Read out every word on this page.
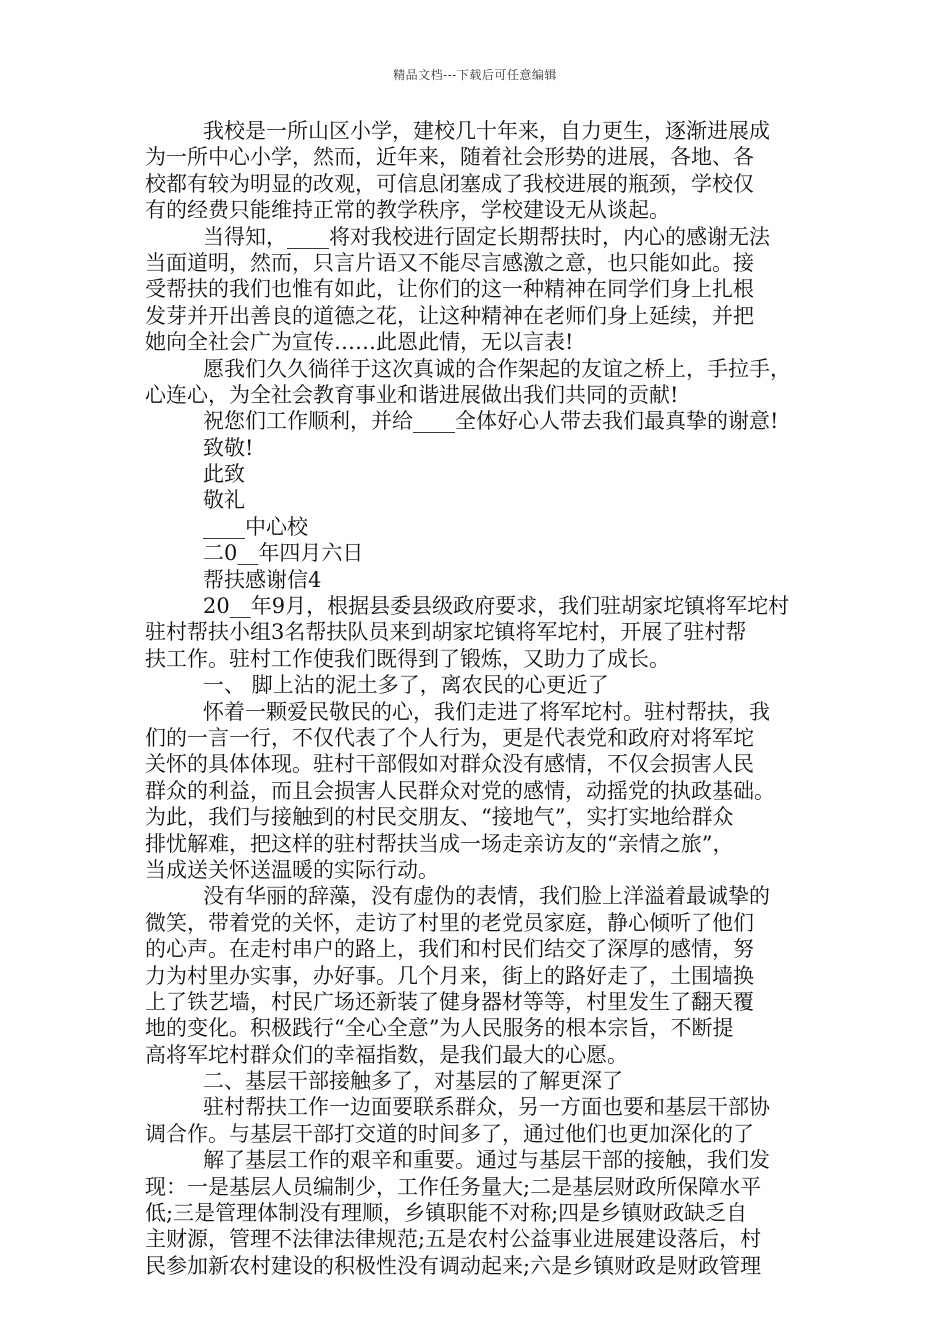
精品文档---下载后可任意编辑
我校是一所山区小学，建校几十年来，自力更生，逐渐进展成
为一所中心小学，然而，近年来，随着社会形势的进展，各地、各
校都有较为明显的改观，可信息闭塞成了我校进展的瓶颈，学校仅
有的经费只能维持正常的教学秩序，学校建设无从谈起。
当得知，____将对我校进行固定长期帮扶时，内心的感谢无法
当面道明，然而，只言片语又不能尽言感激之意，也只能如此。接
受帮扶的我们也惟有如此，让你们的这一种精神在同学们身上扎根
发芽并开出善良的道德之花，让这种精神在老师们身上延续，并把
她向全社会广为宣传……此恩此情，无以言表!
愿我们久久徜徉于这次真诚的合作架起的友谊之桥上，手拉手，
心连心，为全社会教育事业和谐进展做出我们共同的贡献!
祝您们工作顺利，并给____全体好心人带去我们最真挚的谢意!
致敬!
此致
敬礼
____中心校
二0__年四月六日
帮扶感谢信4
20__年9月，根据县委县级政府要求，我们驻胡家坨镇将军坨村
驻村帮扶小组3名帮扶队员来到胡家坨镇将军坨村，开展了驻村帮
扶工作。驻村工作使我们既得到了锻炼，又助力了成长。
一、 脚上沾的泥土多了，离农民的心更近了
怀着一颗爱民敬民的心，我们走进了将军坨村。驻村帮扶，我
们的一言一行，不仅代表了个人行为，更是代表党和政府对将军坨
关怀的具体体现。驻村干部假如对群众没有感情，不仅会损害人民
群众的利益，而且会损害人民群众对党的感情，动摇党的执政基础。
为此，我们与接触到的村民交朋友、“接地气”，实打实地给群众
排忧解难，把这样的驻村帮扶当成一场走亲访友的“亲情之旅”，
当成送关怀送温暖的实际行动。
没有华丽的辞藻，没有虚伪的表情，我们脸上洋溢着最诚挚的
微笑，带着党的关怀，走访了村里的老党员家庭，静心倾听了他们
的心声。在走村串户的路上，我们和村民们结交了深厚的感情，努
力为村里办实事，办好事。几个月来，街上的路好走了，土围墙换
上了铁艺墙，村民广场还新装了健身器材等等，村里发生了翻天覆
地的变化。积极践行“全心全意”为人民服务的根本宗旨，不断提
高将军坨村群众们的幸福指数，是我们最大的心愿。
二、基层干部接触多了，对基层的了解更深了
驻村帮扶工作一边面要联系群众，另一方面也要和基层干部协
调合作。与基层干部打交道的时间多了，通过他们也更加深化的了
解了基层工作的艰辛和重要。通过与基层干部的接触，我们发
现：一是基层人员编制少，工作任务量大;二是基层财政所保障水平
低;三是管理体制没有理顺，乡镇职能不对称;四是乡镇财政缺乏自
主财源，管理不法律法律规范;五是农村公益事业进展建设落后，村
民参加新农村建设的积极性没有调动起来;六是乡镇财政是财政管理
